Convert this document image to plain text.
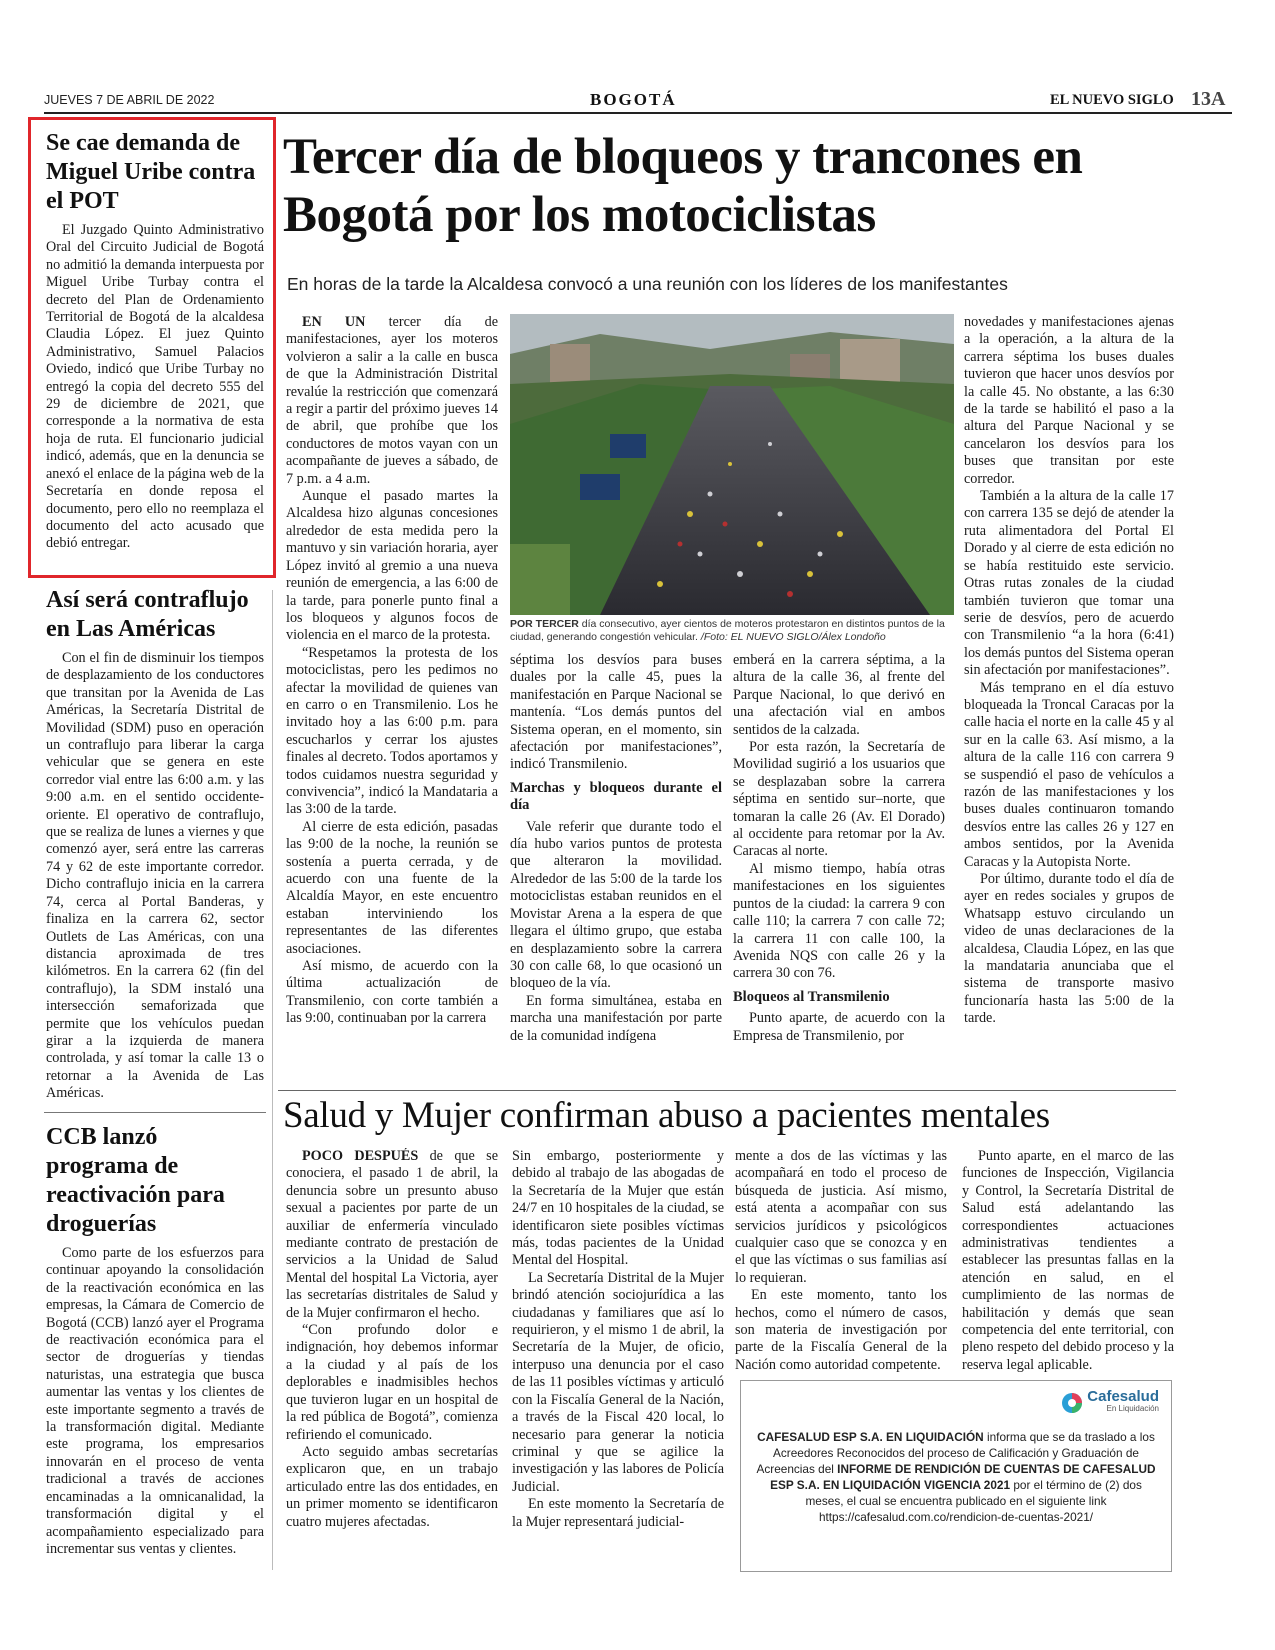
JUEVES 7 DE ABRIL DE 2022	BOGOTÁ	EL NUEVO SIGLO 13A
Se cae demanda de Miguel Uribe contra el POT

El Juzgado Quinto Administrativo Oral del Circuito Judicial de Bogotá no admitió la demanda interpuesta por Miguel Uribe Turbay contra el decreto del Plan de Ordenamiento Territorial de Bogotá de la alcaldesa Claudia López. El juez Quinto Administrativo, Samuel Palacios Oviedo, indicó que Uribe Turbay no entregó la copia del decreto 555 del 29 de diciembre de 2021, que corresponde a la normativa de esta hoja de ruta. El funcionario judicial indicó, además, que en la denuncia se anexó el enlace de la página web de la Secretaría en donde reposa el documento, pero ello no reemplaza el documento del acto acusado que debió entregar.

Así será contraflujo en Las Américas

Con el fin de disminuir los tiempos de desplazamiento de los conductores que transitan por la Avenida de Las Américas, la Secretaría Distrital de Movilidad (SDM) puso en operación un contraflujo para liberar la carga vehicular que se genera en este corredor vial entre las 6:00 a.m. y las 9:00 a.m. en el sentido occidente-oriente. El operativo de contraflujo, que se realiza de lunes a viernes y que comenzó ayer, será entre las carreras 74 y 62 de este importante corredor. Dicho contraflujo inicia en la carrera 74, cerca al Portal Banderas, y finaliza en la carrera 62, sector Outlets de Las Américas, con una distancia aproximada de tres kilómetros. En la carrera 62 (fin del contraflujo), la SDM instaló una intersección semaforizada que permite que los vehículos puedan girar a la izquierda de manera controlada, y así tomar la calle 13 o retornar a la Avenida de Las Américas.

CCB lanzó programa de reactivación para droguerías

Como parte de los esfuerzos para continuar apoyando la consolidación de la reactivación económica en las empresas, la Cámara de Comercio de Bogotá (CCB) lanzó ayer el Programa de reactivación económica para el sector de droguerías y tiendas naturistas, una estrategia que busca aumentar las ventas y los clientes de este importante segmento a través de la transformación digital. Mediante este programa, los empresarios innovarán en el proceso de venta tradicional a través de acciones encaminadas a la omnicanalidad, la transformación digital y el acompañamiento especializado para incrementar sus ventas y clientes.

Tercer día de bloqueos y trancones en Bogotá por los motociclistas
En horas de la tarde la Alcaldesa convocó a una reunión con los líderes de los manifestantes

EN UN tercer día de manifestaciones, ayer los moteros volvieron a salir a la calle en busca de que la Administración Distrital revalúe la restricción que comenzará a regir a partir del próximo jueves 14 de abril, que prohíbe que los conductores de motos vayan con un acompañante de jueves a sábado, de 7 p.m. a 4 a.m.

Aunque el pasado martes la Alcaldesa hizo algunas concesiones alrededor de esta medida pero la mantuvo y sin variación horaria, ayer López invitó al gremio a una nueva reunión de emergencia, a las 6:00 de la tarde, para ponerle punto final a los bloqueos y algunos focos de violencia en el marco de la protesta.

“Respetamos la protesta de los motociclistas, pero les pedimos no afectar la movilidad de quienes van en carro o en Transmilenio. Los he invitado hoy a las 6:00 p.m. para escucharlos y cerrar los ajustes finales al decreto. Todos aportamos y todos cuidamos nuestra seguridad y convivencia”, indicó la Mandataria a las 3:00 de la tarde.

Al cierre de esta edición, pasadas las 9:00 de la noche, la reunión se sostenía a puerta cerrada, y de acuerdo con una fuente de la Alcaldía Mayor, en este encuentro estaban interviniendo los representantes de las diferentes asociaciones.

Así mismo, de acuerdo con la última actualización de Transmilenio, con corte también a las 9:00, continuaban por la carrera

POR TERCER día consecutivo, ayer cientos de moteros protestaron en distintos puntos de la ciudad, generando congestión vehicular. /Foto: EL NUEVO SIGLO/Álex Londoño

séptima los desvíos para buses duales por la calle 45, pues la manifestación en Parque Nacional se mantenía. “Los demás puntos del Sistema operan, en el momento, sin afectación por manifestaciones”, indicó Transmilenio.

Marchas y bloqueos durante el día

Vale referir que durante todo el día hubo varios puntos de protesta que alteraron la movilidad. Alrededor de las 5:00 de la tarde los motociclistas estaban reunidos en el Movistar Arena a la espera de que llegara el último grupo, que estaba en desplazamiento sobre la carrera 30 con calle 68, lo que ocasionó un bloqueo de la vía.

En forma simultánea, estaba en marcha una manifestación por parte de la comunidad indígena

emberá en la carrera séptima, a la altura de la calle 36, al frente del Parque Nacional, lo que derivó en una afectación vial en ambos sentidos de la calzada.

Por esta razón, la Secretaría de Movilidad sugirió a los usuarios que se desplazaban sobre la carrera séptima en sentido sur–norte, que tomaran la calle 26 (Av. El Dorado) al occidente para retomar por la Av. Caracas al norte.

Al mismo tiempo, había otras manifestaciones en los siguientes puntos de la ciudad: la carrera 9 con calle 110; la carrera 7 con calle 72; la carrera 11 con calle 100, la Avenida NQS con calle 26 y la carrera 30 con 76.

Bloqueos al Transmilenio

Punto aparte, de acuerdo con la Empresa de Transmilenio, por

novedades y manifestaciones ajenas a la operación, a la altura de la carrera séptima los buses duales tuvieron que hacer unos desvíos por la calle 45. No obstante, a las 6:30 de la tarde se habilitó el paso a la altura del Parque Nacional y se cancelaron los desvíos para los buses que transitan por este corredor.

También a la altura de la calle 17 con carrera 135 se dejó de atender la ruta alimentadora del Portal El Dorado y al cierre de esta edición no se había restituido este servicio. Otras rutas zonales de la ciudad también tuvieron que tomar una serie de desvíos, pero de acuerdo con Transmilenio “a la hora (6:41) los demás puntos del Sistema operan sin afectación por manifestaciones”.

Más temprano en el día estuvo bloqueada la Troncal Caracas por la calle hacia el norte en la calle 45 y al sur en la calle 63. Así mismo, a la altura de la calle 116 con carrera 9 se suspendió el paso de vehículos a razón de las manifestaciones y los buses duales continuaron tomando desvíos entre las calles 26 y 127 en ambos sentidos, por la Avenida Caracas y la Autopista Norte.

Por último, durante todo el día de ayer en redes sociales y grupos de Whatsapp estuvo circulando un video de unas declaraciones de la alcaldesa, Claudia López, en las que la mandataria anunciaba que el sistema de transporte masivo funcionaría hasta las 5:00 de la tarde.

Salud y Mujer confirman abuso a pacientes mentales

POCO DESPUÉS de que se conociera, el pasado 1 de abril, la denuncia sobre un presunto abuso sexual a pacientes por parte de un auxiliar de enfermería vinculado mediante contrato de prestación de servicios a la Unidad de Salud Mental del hospital La Victoria, ayer las secretarías distritales de Salud y de la Mujer confirmaron el hecho.

“Con profundo dolor e indignación, hoy debemos informar a la ciudad y al país de los deplorables e inadmisibles hechos que tuvieron lugar en un hospital de la red pública de Bogotá”, comienza refiriendo el comunicado.

Acto seguido ambas secretarías explicaron que, en un trabajo articulado entre las dos entidades, en un primer momento se identificaron cuatro mujeres afectadas.

Sin embargo, posteriormente y debido al trabajo de las abogadas de la Secretaría de la Mujer que están 24/7 en 10 hospitales de la ciudad, se identificaron siete posibles víctimas más, todas pacientes de la Unidad Mental del Hospital.

La Secretaría Distrital de la Mujer brindó atención sociojurídica a las ciudadanas y familiares que así lo requirieron, y el mismo 1 de abril, la Secretaría de la Mujer, de oficio, interpuso una denuncia por el caso de las 11 posibles víctimas y articuló con la Fiscalía General de la Nación, a través de la Fiscal 420 local, lo necesario para generar la noticia criminal y que se agilice la investigación y las labores de Policía Judicial.

En este momento la Secretaría de la Mujer representará judicial-

mente a dos de las víctimas y las acompañará en todo el proceso de búsqueda de justicia. Así mismo, está atenta a acompañar con sus servicios jurídicos y psicológicos cualquier caso que se conozca y en el que las víctimas o sus familias así lo requieran.

En este momento, tanto los hechos, como el número de casos, son materia de investigación por parte de la Fiscalía General de la Nación como autoridad competente.

Punto aparte, en el marco de las funciones de Inspección, Vigilancia y Control, la Secretaría Distrital de Salud está adelantando las correspondientes actuaciones administrativas tendientes a establecer las presuntas fallas en la atención en salud, en el cumplimiento de las normas de habilitación y demás que sean competencia del ente territorial, con pleno respeto del debido proceso y la reserva legal aplicable.

Cafesalud
En Liquidación
CAFESALUD ESP S.A. EN LIQUIDACIÓN informa que se da traslado a los Acreedores Reconocidos del proceso de Calificación y Graduación de Acreencias del INFORME DE RENDICIÓN DE CUENTAS DE CAFESALUD ESP S.A. EN LIQUIDACIÓN VIGENCIA 2021 por el término de (2) dos meses, el cual se encuentra publicado en el siguiente link
https://cafesalud.com.co/rendicion-de-cuentas-2021/
